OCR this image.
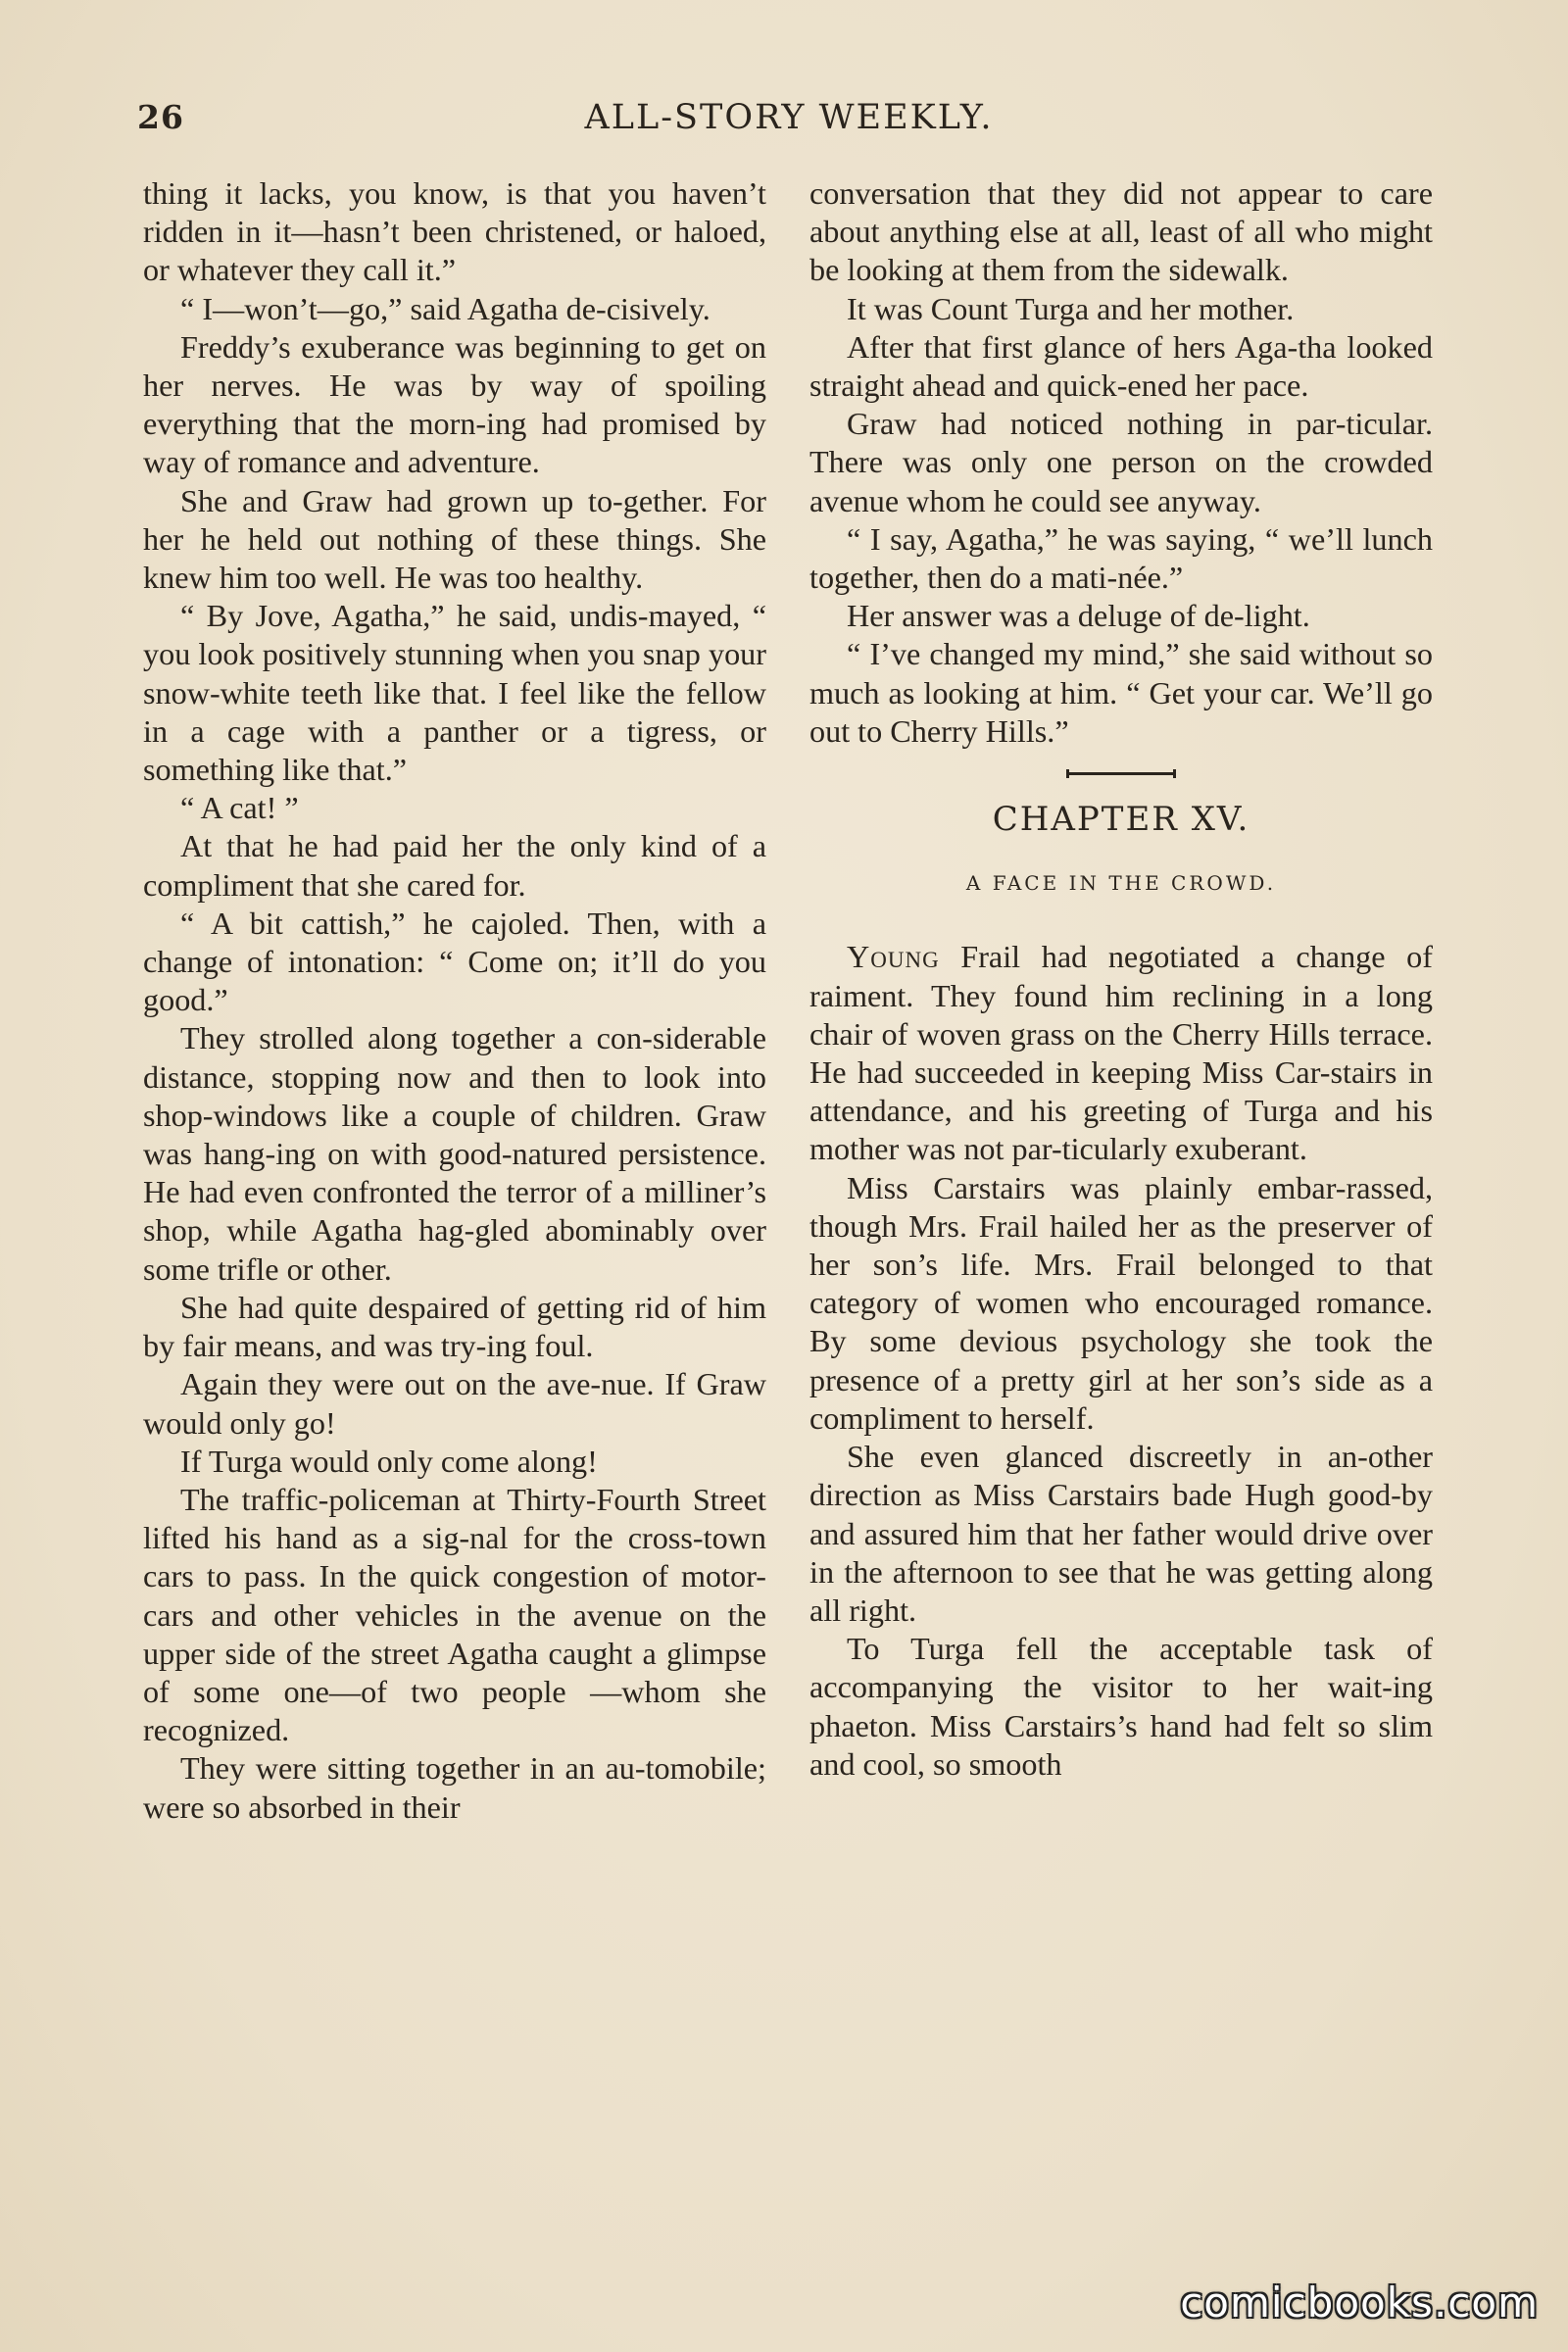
26	ALL-STORY WEEKLY.

thing it lacks, you know, is that you haven’t ridden in it—hasn’t been christened, or haloed, or whatever they call it.”

“ I—won’t—go,” said Agatha de-cisively.

Freddy’s exuberance was beginning to get on her nerves. He was by way of spoiling everything that the morn-ing had promised by way of romance and adventure.

She and Graw had grown up to-gether. For her he held out nothing of these things. She knew him too well. He was too healthy.

“ By Jove, Agatha,” he said, undis-mayed, “ you look positively stunning when you snap your snow-white teeth like that. I feel like the fellow in a cage with a panther or a tigress, or something like that.”

“ A cat! ”

At that he had paid her the only kind of a compliment that she cared for.

“ A bit cattish,” he cajoled. Then, with a change of intonation: “ Come on; it’ll do you good.”

They strolled along together a con-siderable distance, stopping now and then to look into shop-windows like a couple of children. Graw was hang-ing on with good-natured persistence. He had even confronted the terror of a milliner’s shop, while Agatha hag-gled abominably over some trifle or other.

She had quite despaired of getting rid of him by fair means, and was try-ing foul.

Again they were out on the ave-nue. If Graw would only go!

If Turga would only come along!

The traffic-policeman at Thirty-Fourth Street lifted his hand as a sig-nal for the cross-town cars to pass. In the quick congestion of motor-cars and other vehicles in the avenue on the upper side of the street Agatha caught a glimpse of some one—of two people —whom she recognized.

They were sitting together in an au-tomobile; were so absorbed in their

conversation that they did not appear to care about anything else at all, least of all who might be looking at them from the sidewalk.

It was Count Turga and her mother.

After that first glance of hers Aga-tha looked straight ahead and quick-ened her pace.

Graw had noticed nothing in par-ticular. There was only one person on the crowded avenue whom he could see anyway.

“ I say, Agatha,” he was saying, “ we’ll lunch together, then do a mati-née.”

Her answer was a deluge of de-light.

“ I’ve changed my mind,” she said without so much as looking at him. “ Get your car. We’ll go out to Cherry Hills.”

CHAPTER XV.
A FACE IN THE CROWD.

Young Frail had negotiated a change of raiment. They found him reclining in a long chair of woven grass on the Cherry Hills terrace. He had succeeded in keeping Miss Car-stairs in attendance, and his greeting of Turga and his mother was not par-ticularly exuberant.

Miss Carstairs was plainly embar-rassed, though Mrs. Frail hailed her as the preserver of her son’s life. Mrs. Frail belonged to that category of women who encouraged romance. By some devious psychology she took the presence of a pretty girl at her son’s side as a compliment to herself.

She even glanced discreetly in an-other direction as Miss Carstairs bade Hugh good-by and assured him that her father would drive over in the afternoon to see that he was getting along all right.

To Turga fell the acceptable task of accompanying the visitor to her wait-ing phaeton. Miss Carstairs’s hand had felt so slim and cool, so smooth

comicbooks.com
